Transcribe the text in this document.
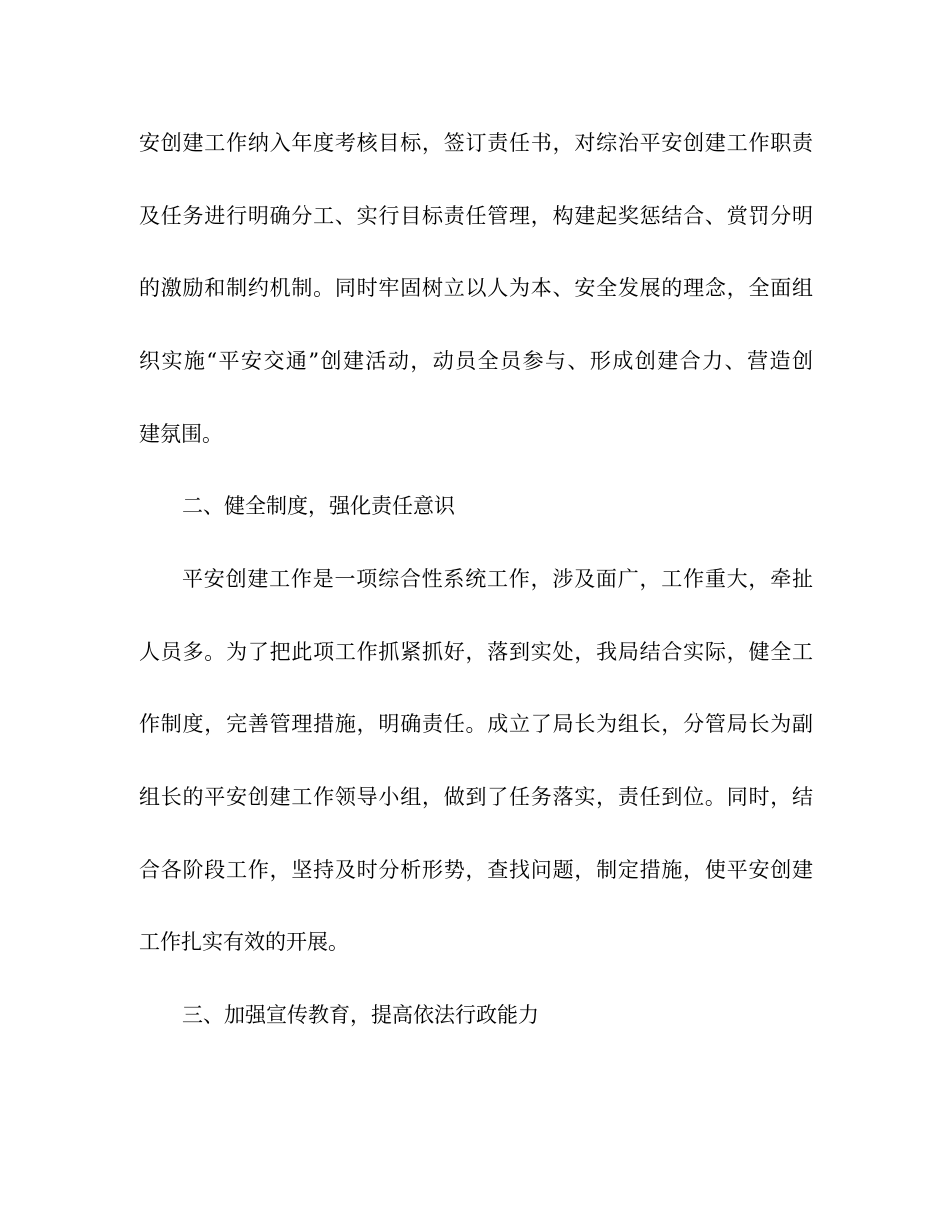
安创建工作纳入年度考核目标，签订责任书，对综治平安创建工作职责
及任务进行明确分工、实行目标责任管理，构建起奖惩结合、赏罚分明
的激励和制约机制。同时牢固树立以人为本、安全发展的理念，全面组
织实施“平安交通”创建活动，动员全员参与、形成创建合力、营造创
建氛围。
二、健全制度，强化责任意识
平安创建工作是一项综合性系统工作，涉及面广，工作重大，牵扯
人员多。为了把此项工作抓紧抓好，落到实处，我局结合实际，健全工
作制度，完善管理措施，明确责任。成立了局长为组长，分管局长为副
组长的平安创建工作领导小组，做到了任务落实，责任到位。同时，结
合各阶段工作，坚持及时分析形势，查找问题，制定措施，使平安创建
工作扎实有效的开展。
三、加强宣传教育，提高依法行政能力
